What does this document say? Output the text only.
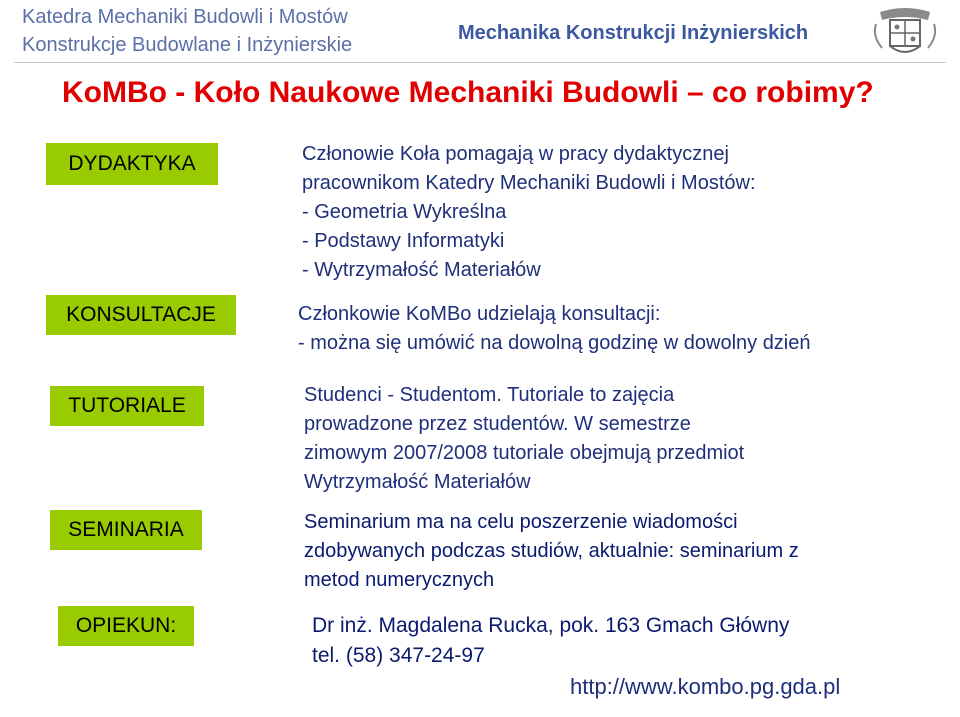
Katedra Mechaniki Budowli i Mostów
Konstrukcje Budowlane i Inżynierskie
Mechanika Konstrukcji Inżynierskich
KoMBo - Koło Naukowe Mechaniki Budowli – co robimy?
DYDAKTYKA
KONSULTACJE
TUTORIALE
SEMINARIA
OPIEKUN:
Członowie Koła pomagają w pracy dydaktycznej
pracownikom Katedry Mechaniki Budowli i Mostów:
- Geometria Wykreślna
- Podstawy Informatyki
- Wytrzymałość Materiałów
Członkowie KoMBo udzielają konsultacji:
- można się umówić na dowolną godzinę w dowolny dzień
Studenci - Studentom. Tutoriale to zajęcia
prowadzone przez studentów. W semestrze
zimowym 2007/2008 tutoriale obejmują przedmiot
Wytrzymałość Materiałów
Seminarium ma na celu poszerzenie wiadomości
zdobywanych podczas studiów, aktualnie: seminarium z
metod numerycznych
Dr inż. Magdalena Rucka, pok. 163 Gmach Główny
tel. (58) 347-24-97
http://www.kombo.pg.gda.pl
